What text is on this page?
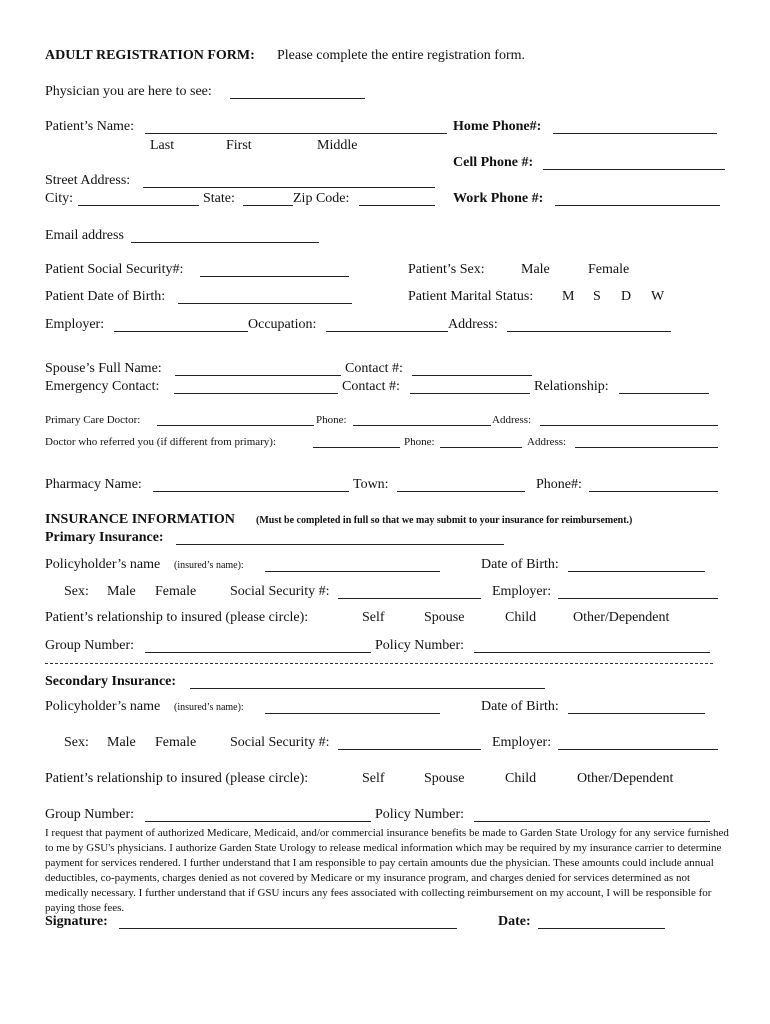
ADULT REGISTRATION FORM: Please complete the entire registration form.
Physician you are here to see:
Patient’s Name:	Home Phone#:
Last	First	Middle
Cell Phone #:
Street Address:
City:	State:	Zip Code:	Work Phone #:
Email address
Patient Social Security#:	Patient’s Sex:	Male	Female
Patient Date of Birth:	Patient Marital Status: M S D W
Employer:	Occupation:	Address:
Spouse’s Full Name:	Contact #:
Emergency Contact:	Contact #:	Relationship:
Primary Care Doctor:	Phone:	Address:
Doctor who referred you (if different from primary):	Phone:	Address:
Pharmacy Name:	Town:	Phone#:
INSURANCE INFORMATION (Must be completed in full so that we may submit to your insurance for reimbursement.)
Primary Insurance:
Policyholder’s name (insured’s name):	Date of Birth:
Sex: Male Female Social Security #:	Employer:
Patient’s relationship to insured (please circle):	Self	Spouse	Child	Other/Dependent
Group Number:	Policy Number:
Secondary Insurance:
Policyholder’s name (insured’s name):	Date of Birth:
Sex: Male Female Social Security #:	Employer:
Patient’s relationship to insured (please circle):	Self	Spouse	Child	Other/Dependent
Group Number:	Policy Number:
I request that payment of authorized Medicare, Medicaid, and/or commercial insurance benefits be made to Garden State Urology for any service furnished to me by GSU's physicians. I authorize Garden State Urology to release medical information which may be required by my insurance carrier to determine payment for services rendered. I further understand that I am responsible to pay certain amounts due the physician. These amounts could include annual deductibles, co-payments, charges denied as not covered by Medicare or my insurance program, and charges denied for services determined as not medically necessary. I further understand that if GSU incurs any fees associated with collecting reimbursement on my account, I will be responsible for paying those fees.
Signature:	Date:
